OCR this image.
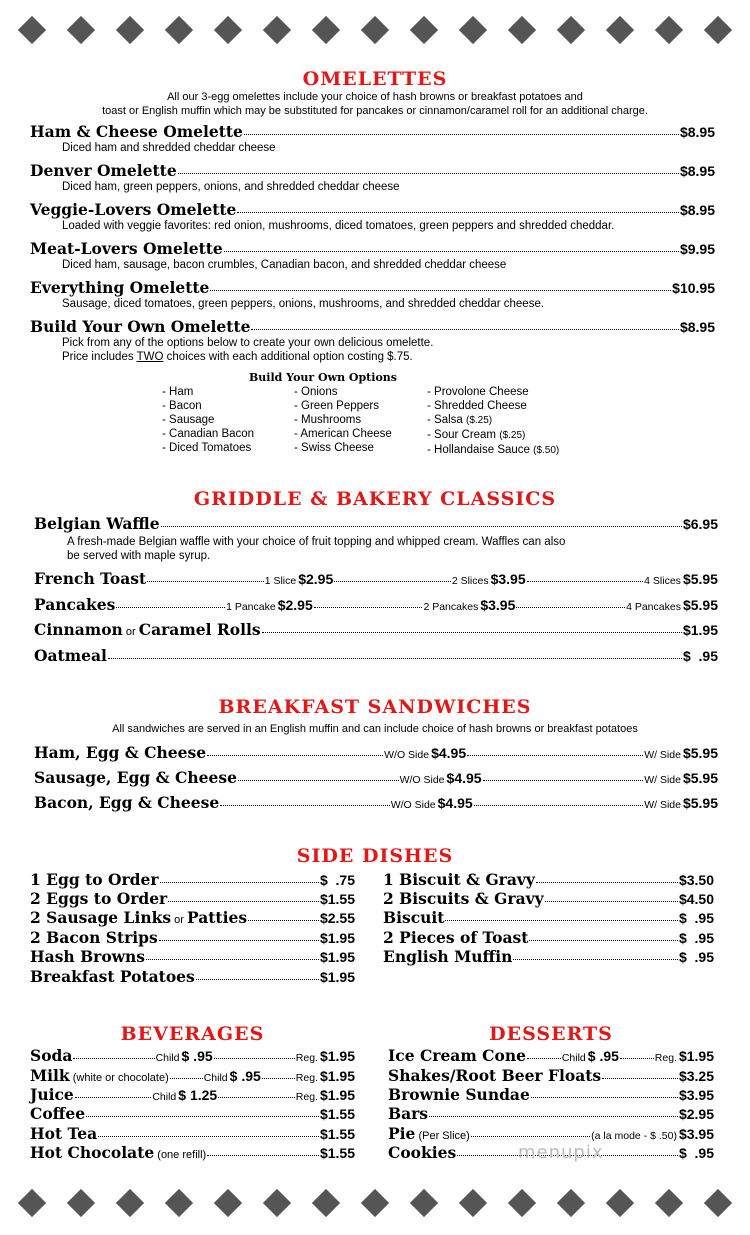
OMELETTES
All our 3-egg omelettes include your choice of hash browns or breakfast potatoes and
toast or English muffin which may be substituted for pancakes or cinnamon/caramel roll for an additional charge.
Ham & Cheese Omelette	$8.95
Diced ham and shredded cheddar cheese
Denver Omelette	$8.95
Diced ham, green peppers, onions, and shredded cheddar cheese
Veggie-Lovers Omelette	$8.95
Loaded with veggie favorites: red onion, mushrooms, diced tomatoes, green peppers and shredded cheddar.
Meat-Lovers Omelette	$9.95
Diced ham, sausage, bacon crumbles, Canadian bacon, and shredded cheddar cheese
Everything Omelette	$10.95
Sausage, diced tomatoes, green peppers, onions, mushrooms, and shredded cheddar cheese.
Build Your Own Omelette	$8.95
Pick from any of the options below to create your own delicious omelette.
Price includes TWO choices with each additional option costing $.75.
Build Your Own Options
- Ham
- Bacon
- Sausage
- Canadian Bacon
- Diced Tomatoes
- Onions
- Green Peppers
- Mushrooms
- American Cheese
- Swiss Cheese
- Provolone Cheese
- Shredded Cheese
- Salsa ($.25)
- Sour Cream ($.25)
- Hollandaise Sauce ($.50)
GRIDDLE & BAKERY CLASSICS
Belgian Waffle	$6.95
A fresh-made Belgian waffle with your choice of fruit topping and whipped cream. Waffles can also
be served with maple syrup.
French Toast	1 Slice $2.95	2 Slices $3.95	4 Slices $5.95
Pancakes	1 Pancake $2.95	2 Pancakes $3.95	4 Pancakes $5.95
Cinnamon
or
Caramel Rolls	$1.95
Oatmeal	$  .95
BREAKFAST SANDWICHES
All sandwiches are served in an English muffin and can include choice of hash browns or breakfast potatoes
Ham, Egg & Cheese	W/O Side $4.95	W/ Side $5.95
Sausage, Egg & Cheese	W/O Side $4.95	W/ Side $5.95
Bacon, Egg & Cheese	W/O Side $4.95	W/ Side $5.95
SIDE DISHES
1 Egg to Order	$  .75
2 Eggs to Order	$1.55
2 Sausage Links
or
Patties	$2.55
2 Bacon Strips	$1.95
Hash Browns	$1.95
Breakfast Potatoes	$1.95
1 Biscuit & Gravy	$3.50
2 Biscuits & Gravy	$4.50
Biscuit	$  .95
2 Pieces of Toast	$  .95
English Muffin	$  .95
BEVERAGES
Soda	Child $ .95	Reg. $1.95
Milk
(white or chocolate)	Child $ .95	Reg. $1.95
Juice	Child $ 1.25	Reg. $1.95
Coffee	$1.55
Hot Tea	$1.55
Hot Chocolate
(one refill)	$1.55
DESSERTS
Ice Cream Cone	Child $ .95	Reg. $1.95
Shakes/Root Beer Floats	$3.25
Brownie Sundae	$3.95
Bars	$2.95
Pie
(Per Slice)	(a la mode - $ .50) $3.95
Cookies	$  .95
menupix
